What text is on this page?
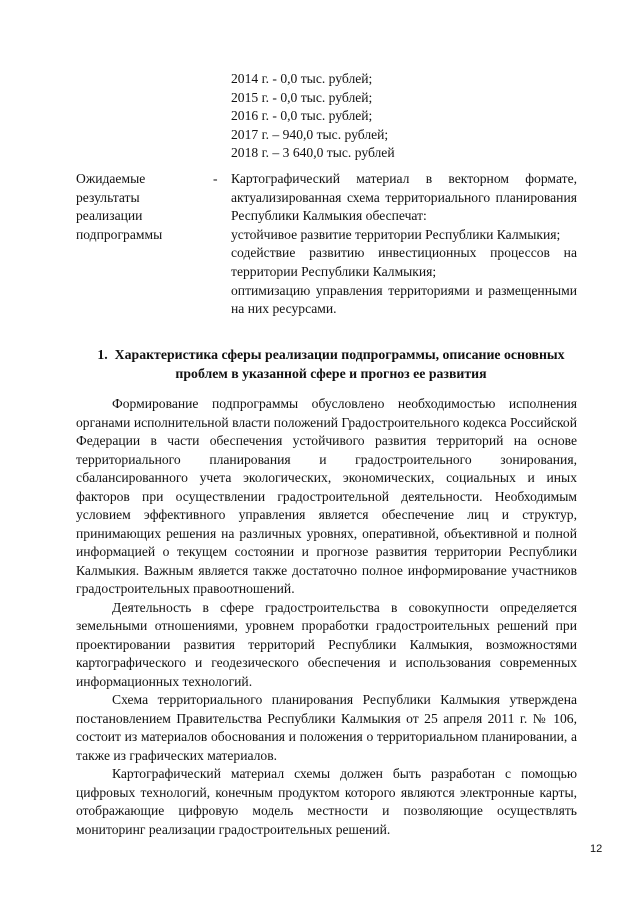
2014 г. - 0,0 тыс. рублей;
2015 г. - 0,0 тыс. рублей;
2016 г. - 0,0 тыс. рублей;
2017 г. – 940,0 тыс. рублей;
2018 г. – 3 640,0 тыс. рублей
Ожидаемые
результаты
реализации
подпрограммы
- Картографический материал в векторном формате, актуализированная схема территориального планирования Республики Калмыкия обеспечат:

устойчивое развитие территории Республики Калмыкия;

содействие развитию инвестиционных процессов на территории Республики Калмыкия;

оптимизацию управления территориями и размещенными на них ресурсами.

1. Характеристика сферы реализации подпрограммы, описание основных
проблем в указанной сфере и прогноз ее развития

Формирование подпрограммы обусловлено необходимостью исполнения органами исполнительной власти положений Градостроительного кодекса Российской Федерации в части обеспечения устойчивого развития территорий на основе территориального планирования и градостроительного зонирования, сбалансированного учета экологических, экономических, социальных и иных факторов при осуществлении градостроительной деятельности. Необходимым условием эффективного управления является обеспечение лиц и структур, принимающих решения на различных уровнях, оперативной, объективной и полной информацией о текущем состоянии и прогнозе развития территории Республики Калмыкия. Важным является также достаточно полное информирование участников градостроительных правоотношений.

Деятельность в сфере градостроительства в совокупности определяется земельными отношениями, уровнем проработки градостроительных решений при проектировании развития территорий Республики Калмыкия, возможностями картографического и геодезического обеспечения и использования современных информационных технологий.

Схема территориального планирования Республики Калмыкия утверждена постановлением Правительства Республики Калмыкия от 25 апреля 2011 г. № 106, состоит из материалов обоснования и положения о территориальном планировании, а также из графических материалов.

Картографический материал схемы должен быть разработан с помощью цифровых технологий, конечным продуктом которого являются электронные карты, отображающие цифровую модель местности и позволяющие осуществлять мониторинг реализации градостроительных решений.

12
